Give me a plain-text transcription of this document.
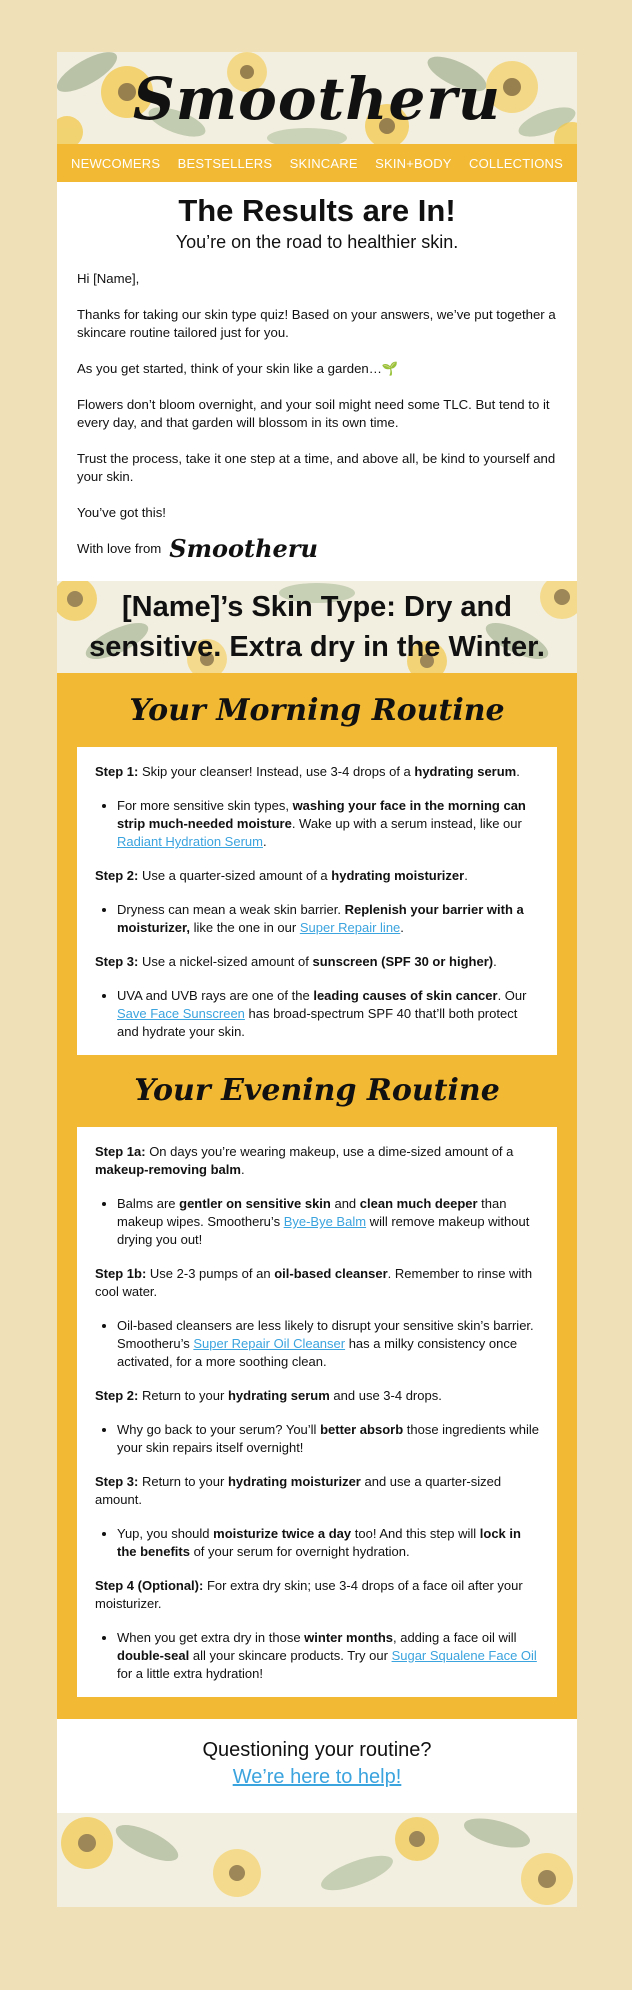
Smootheru
NEWCOMERS BESTSELLERS SKINCARE SKIN+BODY COLLECTIONS
The Results are In!
You’re on the road to healthier skin.

Hi [Name],

Thanks for taking our skin type quiz! Based on your answers, we’ve put together a skincare routine tailored just for you.

As you get started, think of your skin like a garden…🌱

Flowers don’t bloom overnight, and your soil might need some TLC. But tend to it every day, and that garden will blossom in its own time.

Trust the process, take it one step at a time, and above all, be kind to yourself and your skin.

You’ve got this!

With love from Smootheru
[Name]’s Skin Type: Dry and sensitive. Extra dry in the Winter.
Your Morning Routine

Step 1: Skip your cleanser! Instead, use 3-4 drops of a hydrating serum.

• For more sensitive skin types, washing your face in the morning can strip much-needed moisture. Wake up with a serum instead, like our Radiant Hydration Serum.

Step 2: Use a quarter-sized amount of a hydrating moisturizer.

• Dryness can mean a weak skin barrier. Replenish your barrier with a moisturizer, like the one in our Super Repair line.

Step 3: Use a nickel-sized amount of sunscreen (SPF 30 or higher).

• UVA and UVB rays are one of the leading causes of skin cancer. Our Save Face Sunscreen has broad-spectrum SPF 40 that’ll both protect and hydrate your skin.
Your Evening Routine

Step 1a: On days you’re wearing makeup, use a dime-sized amount of a makeup-removing balm.

• Balms are gentler on sensitive skin and clean much deeper than makeup wipes. Smootheru’s Bye-Bye Balm will remove makeup without drying you out!

Step 1b: Use 2-3 pumps of an oil-based cleanser. Remember to rinse with cool water.

• Oil-based cleansers are less likely to disrupt your sensitive skin’s barrier. Smootheru’s Super Repair Oil Cleanser has a milky consistency once activated, for a more soothing clean.

Step 2: Return to your hydrating serum and use 3-4 drops.

• Why go back to your serum? You’ll better absorb those ingredients while your skin repairs itself overnight!

Step 3: Return to your hydrating moisturizer and use a quarter-sized amount.

• Yup, you should moisturize twice a day too! And this step will lock in the benefits of your serum for overnight hydration.

Step 4 (Optional): For extra dry skin; use 3-4 drops of a face oil after your moisturizer.

• When you get extra dry in those winter months, adding a face oil will double-seal all your skincare products. Try our Sugar Squalene Face Oil for a little extra hydration!
Questioning your routine?
We’re here to help!
